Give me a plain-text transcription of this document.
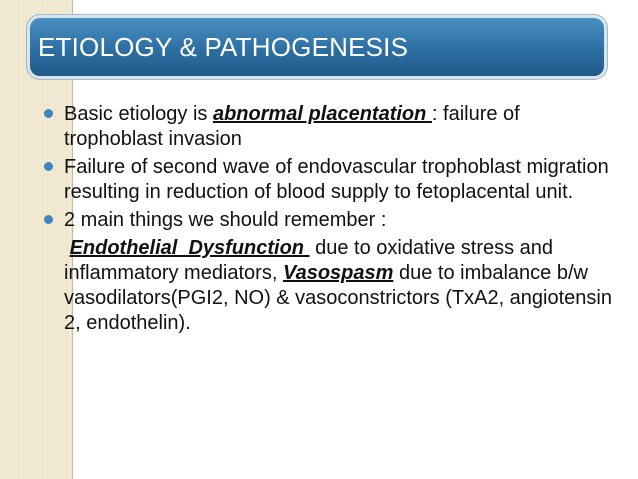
ETIOLOGY & PATHOGENESIS

Basic etiology is abnormal placentation : failure of trophoblast invasion

Failure of second wave of endovascular trophoblast migration resulting in reduction of blood supply to fetoplacental unit.

2 main things we should remember :

Endothelial  Dysfunction  due to oxidative stress and inflammatory mediators, Vasospasm due to imbalance b/w vasodilators(PGI2, NO) & vasoconstrictors (TxA2, angiotensin 2, endothelin).
